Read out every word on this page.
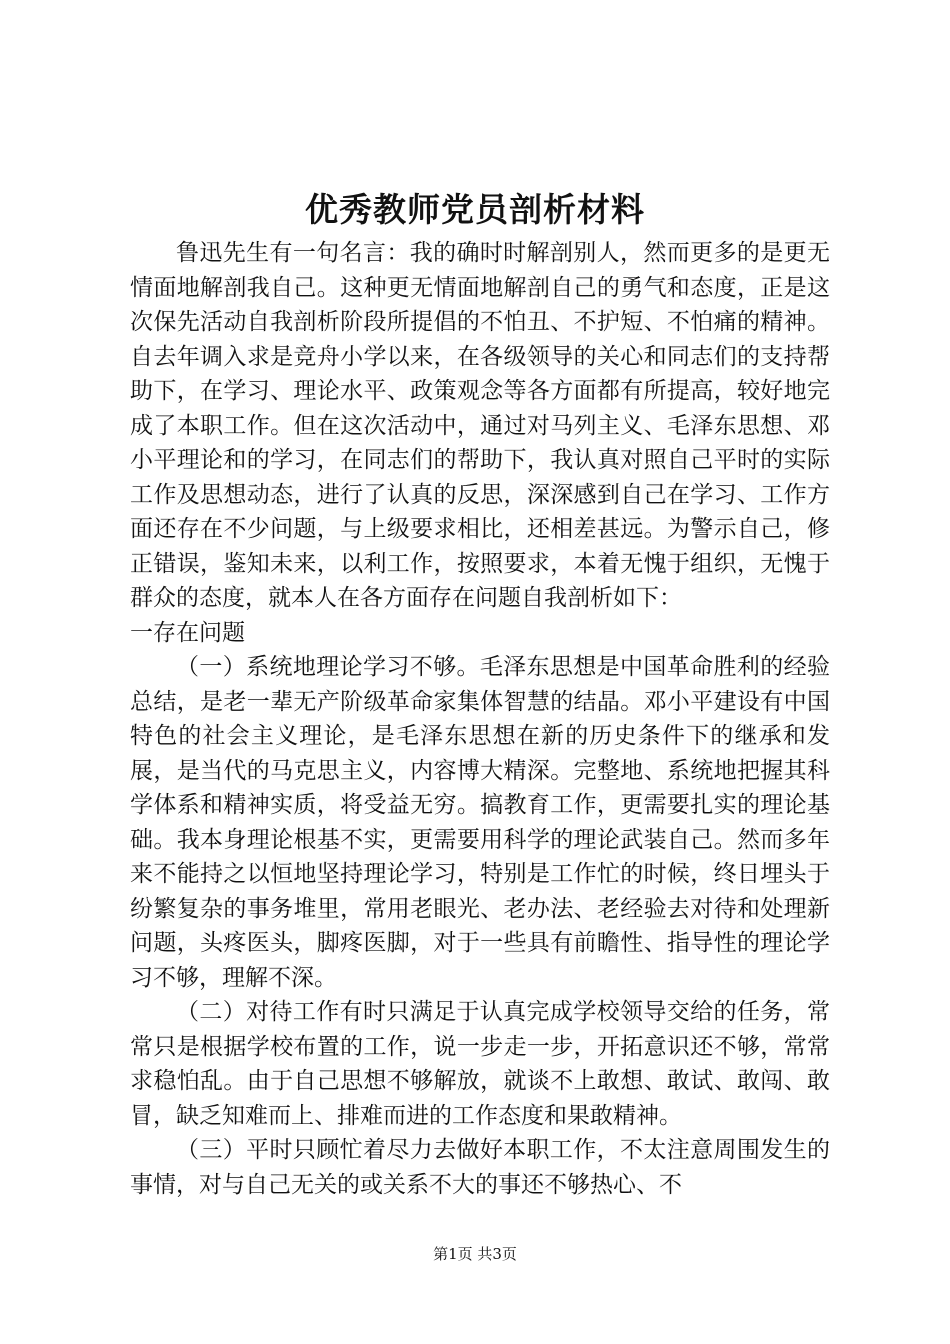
优秀教师党员剖析材料

鲁迅先生有一句名言：我的确时时解剖别人，然而更多的是更无情面地解剖我自己。这种更无情面地解剖自己的勇气和态度，正是这次保先活动自我剖析阶段所提倡的不怕丑、不护短、不怕痛的精神。自去年调入求是竞舟小学以来，在各级领导的关心和同志们的支持帮助下，在学习、理论水平、政策观念等各方面都有所提高，较好地完成了本职工作。但在这次活动中，通过对马列主义、毛泽东思想、邓小平理论和的学习，在同志们的帮助下，我认真对照自己平时的实际工作及思想动态，进行了认真的反思，深深感到自己在学习、工作方面还存在不少问题，与上级要求相比，还相差甚远。为警示自己，修正错误，鉴知未来，以利工作，按照要求，本着无愧于组织，无愧于群众的态度，就本人在各方面存在问题自我剖析如下：

一存在问题

（一）系统地理论学习不够。毛泽东思想是中国革命胜利的经验总结，是老一辈无产阶级革命家集体智慧的结晶。邓小平建设有中国特色的社会主义理论，是毛泽东思想在新的历史条件下的继承和发展，是当代的马克思主义，内容博大精深。完整地、系统地把握其科学体系和精神实质，将受益无穷。搞教育工作，更需要扎实的理论基础。我本身理论根基不实，更需要用科学的理论武装自己。然而多年来不能持之以恒地坚持理论学习，特别是工作忙的时候，终日埋头于纷繁复杂的事务堆里，常用老眼光、老办法、老经验去对待和处理新问题，头疼医头，脚疼医脚，对于一些具有前瞻性、指导性的理论学习不够，理解不深。

（二）对待工作有时只满足于认真完成学校领导交给的任务，常常只是根据学校布置的工作，说一步走一步，开拓意识还不够，常常求稳怕乱。由于自己思想不够解放，就谈不上敢想、敢试、敢闯、敢冒，缺乏知难而上、排难而进的工作态度和果敢精神。

（三）平时只顾忙着尽力去做好本职工作，不太注意周围发生的事情，对与自己无关的或关系不大的事还不够热心、不

第1页 共3页
